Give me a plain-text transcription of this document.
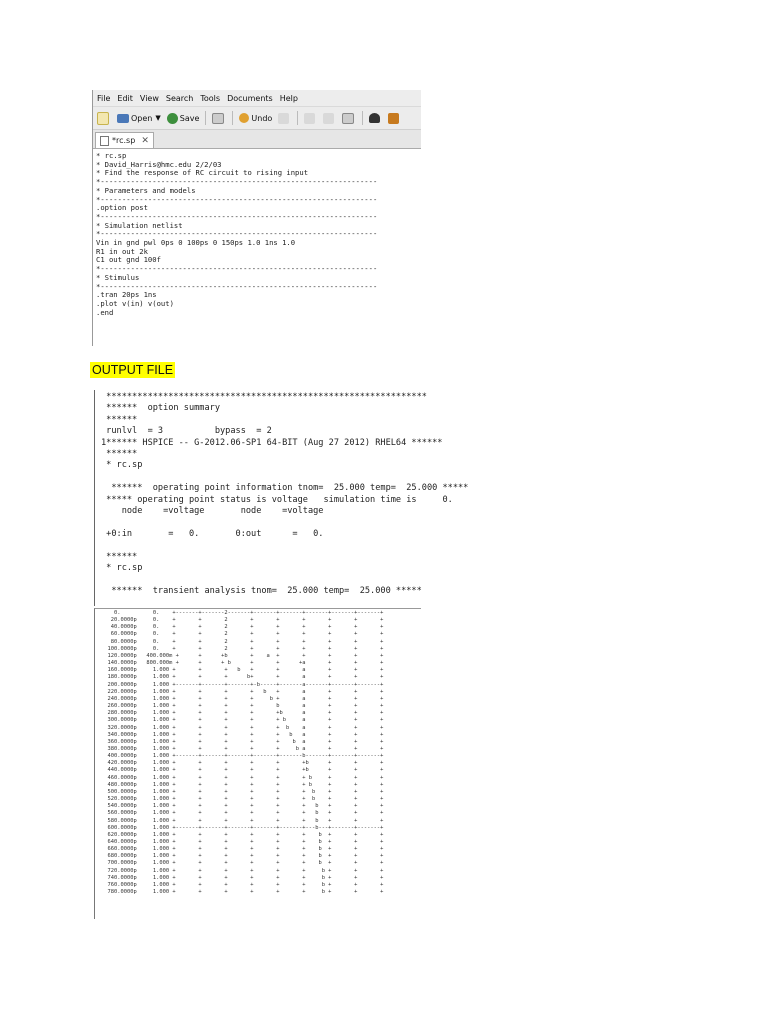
File Edit View Search Tools Documents Help
Open ▼ Save	Undo
*rc.sp ✕
* rc.sp
* David_Harris@hmc.edu 2/2/03
* Find the response of RC circuit to rising input
*----------------------------------------------------------------
* Parameters and models
*----------------------------------------------------------------
.option post
*----------------------------------------------------------------
* Simulation netlist
*----------------------------------------------------------------
Vin in gnd pwl 0ps 0 100ps 0 150ps 1.0 1ns 1.0
R1 in out 2k
C1 out gnd 100f
*----------------------------------------------------------------
* Stimulus
*----------------------------------------------------------------
.tran 20ps 1ns
.plot v(in) v(out)
.end
OUTPUT FILE
**************************************************************
******  option summary
******
runlvl  = 3          bypass  = 2
1****** HSPICE -- G-2012.06-SP1 64-BIT (Aug 27 2012) RHEL64 ******
******
* rc.sp

******  operating point information tnom=  25.000 temp=  25.000 *****
***** operating point status is voltage   simulation time is     0.
node    =voltage       node    =voltage

+0:in       =   0.       0:out      =   0.

******
* rc.sp

******  transient analysis tnom=  25.000 temp=  25.000 *****
0.          0.    +-------+-------2-------+-------+-------+-------+-------+-------+
20.0000p     0.    +       +       2       +       +       +       +       +       +
40.0000p     0.    +       +       2       +       +       +       +       +       +
60.0000p     0.    +       +       2       +       +       +       +       +       +
80.0000p     0.    +       +       2       +       +       +       +       +       +
100.0000p     0.    +       +       2       +       +       +       +       +       +
120.0000p   400.000m +      +      +b       +    a  +       +       +       +       +
140.0000p   800.000m +      +      + b      +       +      +a       +       +       +
160.0000p     1.000 +       +       +   b   +       +       a       +       +       +
180.0000p     1.000 +       +       +      b+       +       a       +       +       +
200.0000p     1.000 +-------+-------+-------+-b-----+-------a-------+-------+-------+
220.0000p     1.000 +       +       +       +   b   +       a       +       +       +
240.0000p     1.000 +       +       +       +     b +       a       +       +       +
260.0000p     1.000 +       +       +       +       b       a       +       +       +
280.0000p     1.000 +       +       +       +       +b      a       +       +       +
300.0000p     1.000 +       +       +       +       + b     a       +       +       +
320.0000p     1.000 +       +       +       +       +  b    a       +       +       +
340.0000p     1.000 +       +       +       +       +   b   a       +       +       +
360.0000p     1.000 +       +       +       +       +    b  a       +       +       +
380.0000p     1.000 +       +       +       +       +     b a       +       +       +
400.0000p     1.000 +-------+-------+-------+-------+-------b-------+-------+-------+
420.0000p     1.000 +       +       +       +       +       +b      +       +       +
440.0000p     1.000 +       +       +       +       +       +b      +       +       +
460.0000p     1.000 +       +       +       +       +       + b     +       +       +
480.0000p     1.000 +       +       +       +       +       + b     +       +       +
500.0000p     1.000 +       +       +       +       +       +  b    +       +       +
520.0000p     1.000 +       +       +       +       +       +  b    +       +       +
540.0000p     1.000 +       +       +       +       +       +   b   +       +       +
560.0000p     1.000 +       +       +       +       +       +   b   +       +       +
580.0000p     1.000 +       +       +       +       +       +   b   +       +       +
600.0000p     1.000 +-------+-------+-------+-------+-------+---b---+-------+-------+
620.0000p     1.000 +       +       +       +       +       +    b  +       +       +
640.0000p     1.000 +       +       +       +       +       +    b  +       +       +
660.0000p     1.000 +       +       +       +       +       +    b  +       +       +
680.0000p     1.000 +       +       +       +       +       +    b  +       +       +
700.0000p     1.000 +       +       +       +       +       +    b  +       +       +
720.0000p     1.000 +       +       +       +       +       +     b +       +       +
740.0000p     1.000 +       +       +       +       +       +     b +       +       +
760.0000p     1.000 +       +       +       +       +       +     b +       +       +
780.0000p     1.000 +       +       +       +       +       +     b +       +       +
